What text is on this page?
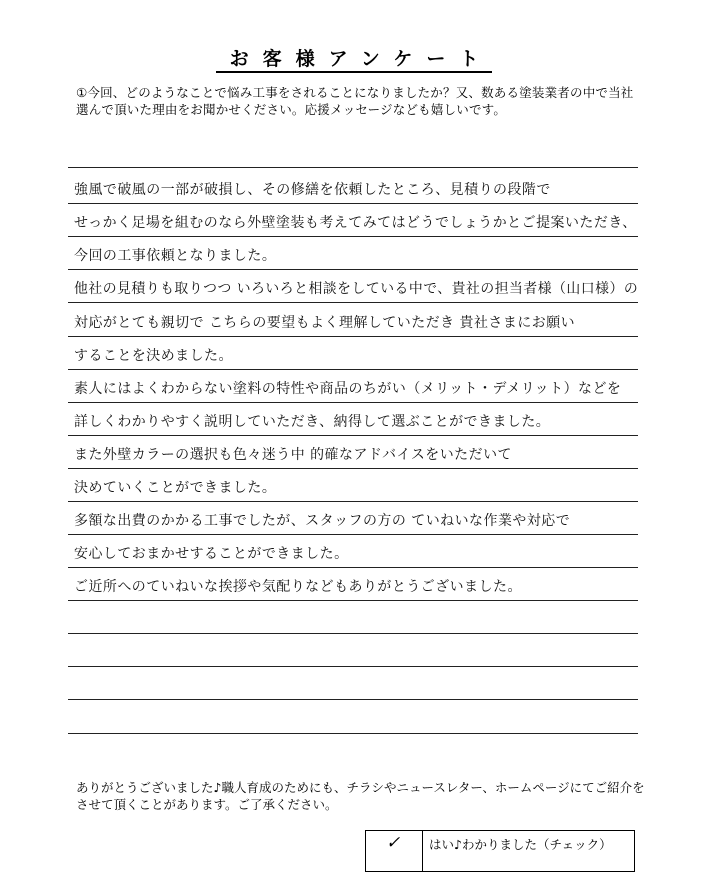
お客様アンケート
①今回、どのようなことで悩み工事をされることになりましたか？又、数ある塗装業者の中で当社選んで頂いた理由をお聞かせください。応援メッセージなども嬉しいです。
強風で破風の一部が破損し、その修繕を依頼したところ、見積りの段階で
せっかく足場を組むのなら外壁塗装も考えてみてはどうでしょうかとご提案いただき、
今回の工事依頼となりました。
他社の見積りも取りつつ いろいろと相談をしている中で、貴社の担当者様（山口様）の
対応がとても親切で こちらの要望もよく理解していただき 貴社さまにお願い
することを決めました。
素人にはよくわからない塗料の特性や商品のちがい（メリット・デメリット）などを
詳しくわかりやすく説明していただき、納得して選ぶことができました。
また外壁カラーの選択も色々迷う中 的確なアドバイスをいただいて
決めていくことができました。
多額な出費のかかる工事でしたが、スタッフの方の ていねいな作業や対応で
安心しておまかせすることができました。
ご近所へのていねいな挨拶や気配りなどもありがとうございました。
ありがとうございました♪職人育成のためにも、チラシやニュースレター、ホームページにてご紹介をさせて頂くことがあります。ご了承ください。
✓	はい♪わかりました（チェック）
